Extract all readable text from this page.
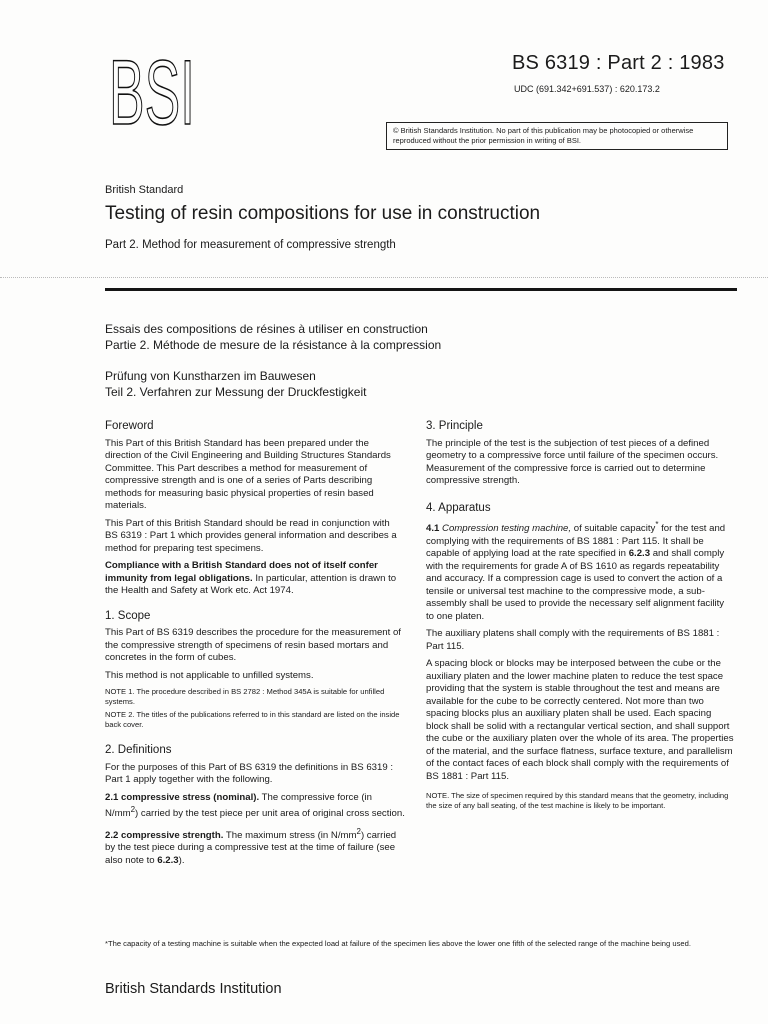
BSI	BS 6319 : Part 2 : 1983
UDC (691.342+691.537) : 620.173.2
© British Standards Institution. No part of this publication may be photocopied or otherwise reproduced without the prior permission in writing of BSI.
British Standard
Testing of resin compositions for use in construction
Part 2. Method for measurement of compressive strength
Essais des compositions de résines à utiliser en construction
Partie 2. Méthode de mesure de la résistance à la compression
Prüfung von Kunstharzen im Bauwesen
Teil 2. Verfahren zur Messung der Druckfestigkeit
Foreword

This Part of this British Standard has been prepared under the direction of the Civil Engineering and Building Structures Standards Committee. This Part describes a method for measurement of compressive strength and is one of a series of Parts describing methods for measuring basic physical properties of resin based materials.

This Part of this British Standard should be read in conjunction with BS 6319 : Part 1 which provides general information and describes a method for preparing test specimens.

Compliance with a British Standard does not of itself confer immunity from legal obligations. In particular, attention is drawn to the Health and Safety at Work etc. Act 1974.

1. Scope

This Part of BS 6319 describes the procedure for the measurement of the compressive strength of specimens of resin based mortars and concretes in the form of cubes.

This method is not applicable to unfilled systems.

NOTE 1. The procedure described in BS 2782 : Method 345A is suitable for unfilled systems.

NOTE 2. The titles of the publications referred to in this standard are listed on the inside back cover.

2. Definitions

For the purposes of this Part of BS 6319 the definitions in BS 6319 : Part 1 apply together with the following.

2.1 compressive stress (nominal). The compressive force (in $N/mm^2$) carried by the test piece per unit area of original cross section.

2.2 compressive strength. The maximum stress (in $N/mm^2$) carried by the test piece during a compressive test at the time of failure (see also note to 6.2.3).

3. Principle

The principle of the test is the subjection of test pieces of a defined geometry to a compressive force until failure of the specimen occurs. Measurement of the compressive force is carried out to determine compressive strength.

4. Apparatus

4.1 Compression testing machine, of suitable capacity* for the test and complying with the requirements of BS 1881 : Part 115. It shall be capable of applying load at the rate specified in 6.2.3 and shall comply with the requirements for grade A of BS 1610 as regards repeatability and accuracy. If a compression cage is used to convert the action of a tensile or universal test machine to the compressive mode, a sub-assembly shall be used to provide the necessary self alignment facility to one platen.

The auxiliary platens shall comply with the requirements of BS 1881 : Part 115.

A spacing block or blocks may be interposed between the cube or the auxiliary platen and the lower machine platen to reduce the test space providing that the system is stable throughout the test and means are available for the cube to be correctly centered. Not more than two spacing blocks plus an auxiliary platen shall be used. Each spacing block shall be solid with a rectangular vertical section, and shall support the cube or the auxiliary platen over the whole of its area. The properties of the material, and the surface flatness, surface texture, and parallelism of the contact faces of each block shall comply with the requirements of BS 1881 : Part 115.

NOTE. The size of specimen required by this standard means that the geometry, including the size of any ball seating, of the test machine is likely to be important.

*The capacity of a testing machine is suitable when the expected load at failure of the specimen lies above the lower one fifth of the selected range of the machine being used.
British Standards Institution
